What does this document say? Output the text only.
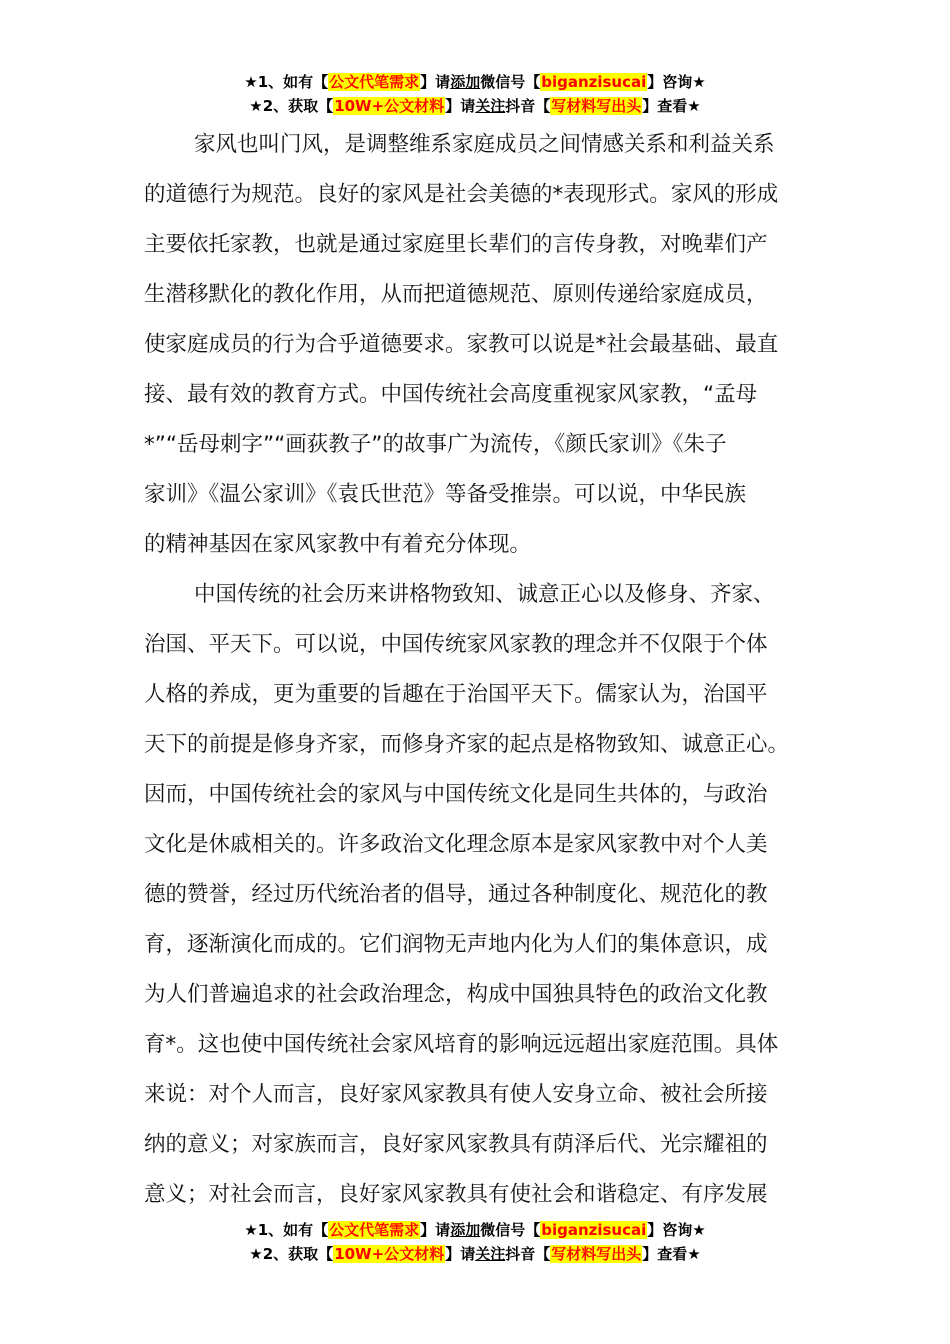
★1、如有【公文代笔需求】请添加微信号【biganzisucai】咨询★
★2、获取【10W+公文材料】请关注抖音【写材料写出头】查看★

家风也叫门风，是调整维系家庭成员之间情感关系和利益关系
的道德行为规范。良好的家风是社会美德的*表现形式。家风的形成
主要依托家教，也就是通过家庭里长辈们的言传身教，对晚辈们产
生潜移默化的教化作用，从而把道德规范、原则传递给家庭成员，
使家庭成员的行为合乎道德要求。家教可以说是*社会最基础、最直
接、最有效的教育方式。中国传统社会高度重视家风家教，“孟母
*”“岳母刺字”“画荻教子”的故事广为流传，《颜氏家训》《朱子
家训》《温公家训》《袁氏世范》等备受推崇。可以说，中华民族
的精神基因在家风家教中有着充分体现。

中国传统的社会历来讲格物致知、诚意正心以及修身、齐家、
治国、平天下。可以说，中国传统家风家教的理念并不仅限于个体
人格的养成，更为重要的旨趣在于治国平天下。儒家认为，治国平
天下的前提是修身齐家，而修身齐家的起点是格物致知、诚意正心。
因而，中国传统社会的家风与中国传统文化是同生共体的，与政治
文化是休戚相关的。许多政治文化理念原本是家风家教中对个人美
德的赞誉，经过历代统治者的倡导，通过各种制度化、规范化的教
育，逐渐演化而成的。它们润物无声地内化为人们的集体意识，成
为人们普遍追求的社会政治理念，构成中国独具特色的政治文化教
育*。这也使中国传统社会家风培育的影响远远超出家庭范围。具体
来说：对个人而言，良好家风家教具有使人安身立命、被社会所接
纳的意义；对家族而言，良好家风家教具有荫泽后代、光宗耀祖的
意义；对社会而言，良好家风家教具有使社会和谐稳定、有序发展

★1、如有【公文代笔需求】请添加微信号【biganzisucai】咨询★
★2、获取【10W+公文材料】请关注抖音【写材料写出头】查看★
